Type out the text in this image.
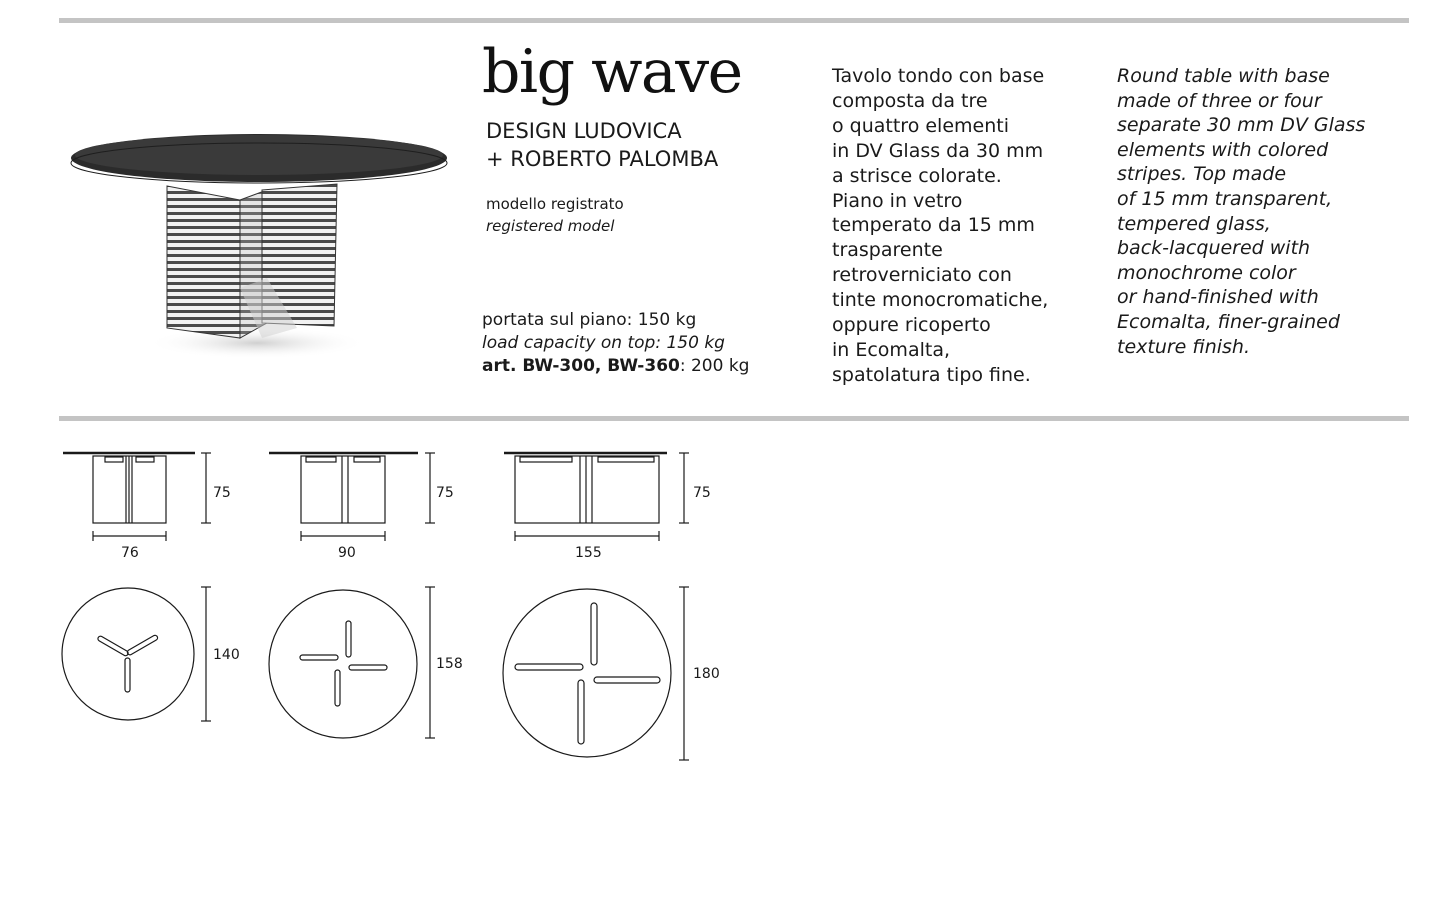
big wave
DESIGN LUDOVICA
+ ROBERTO PALOMBA
modello registrato
registered model
portata sul piano: 150 kg
load capacity on top: 150 kg
art. BW-300, BW-360: 200 kg
Tavolo tondo con base
composta da tre
o quattro elementi
in DV Glass da 30 mm
a strisce colorate.
Piano in vetro
temperato da 15 mm
trasparente
retroverniciato con
tinte monocromatiche,
oppure ricoperto
in Ecomalta,
spatolatura tipo fine.
Round table with base
made of three or four
separate 30 mm DV Glass
elements with colored
stripes. Top made
of 15 mm transparent,
tempered glass,
back-lacquered with
monochrome color
or hand-finished with
Ecomalta, finer-grained
texture finish.
75
76
75
90
75
155
140
158
180
